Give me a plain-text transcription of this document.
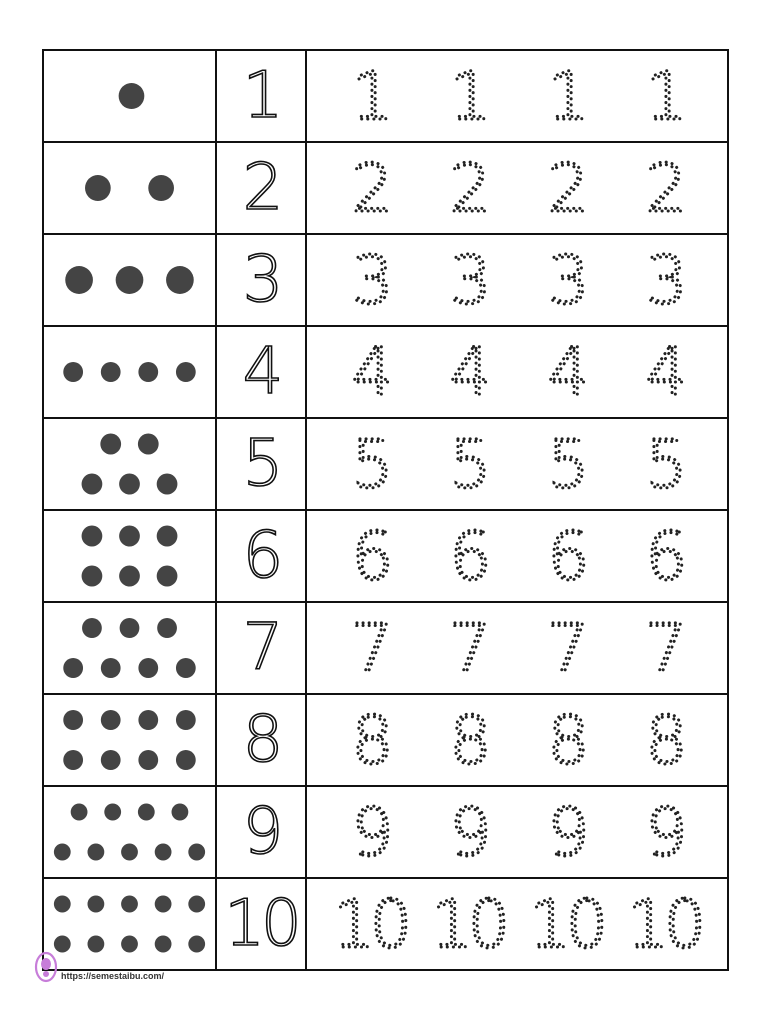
1 1 1 1 1
2 2 2 2 2
3 3 3 3 3
4 4 4 4 4
5 5 5 5 5
6 6 6 6 6
7 7 7 7 7
8 8 8 8 8
9 9 9 9 9
10 10 10 10 10
https://semestaibu.com/
